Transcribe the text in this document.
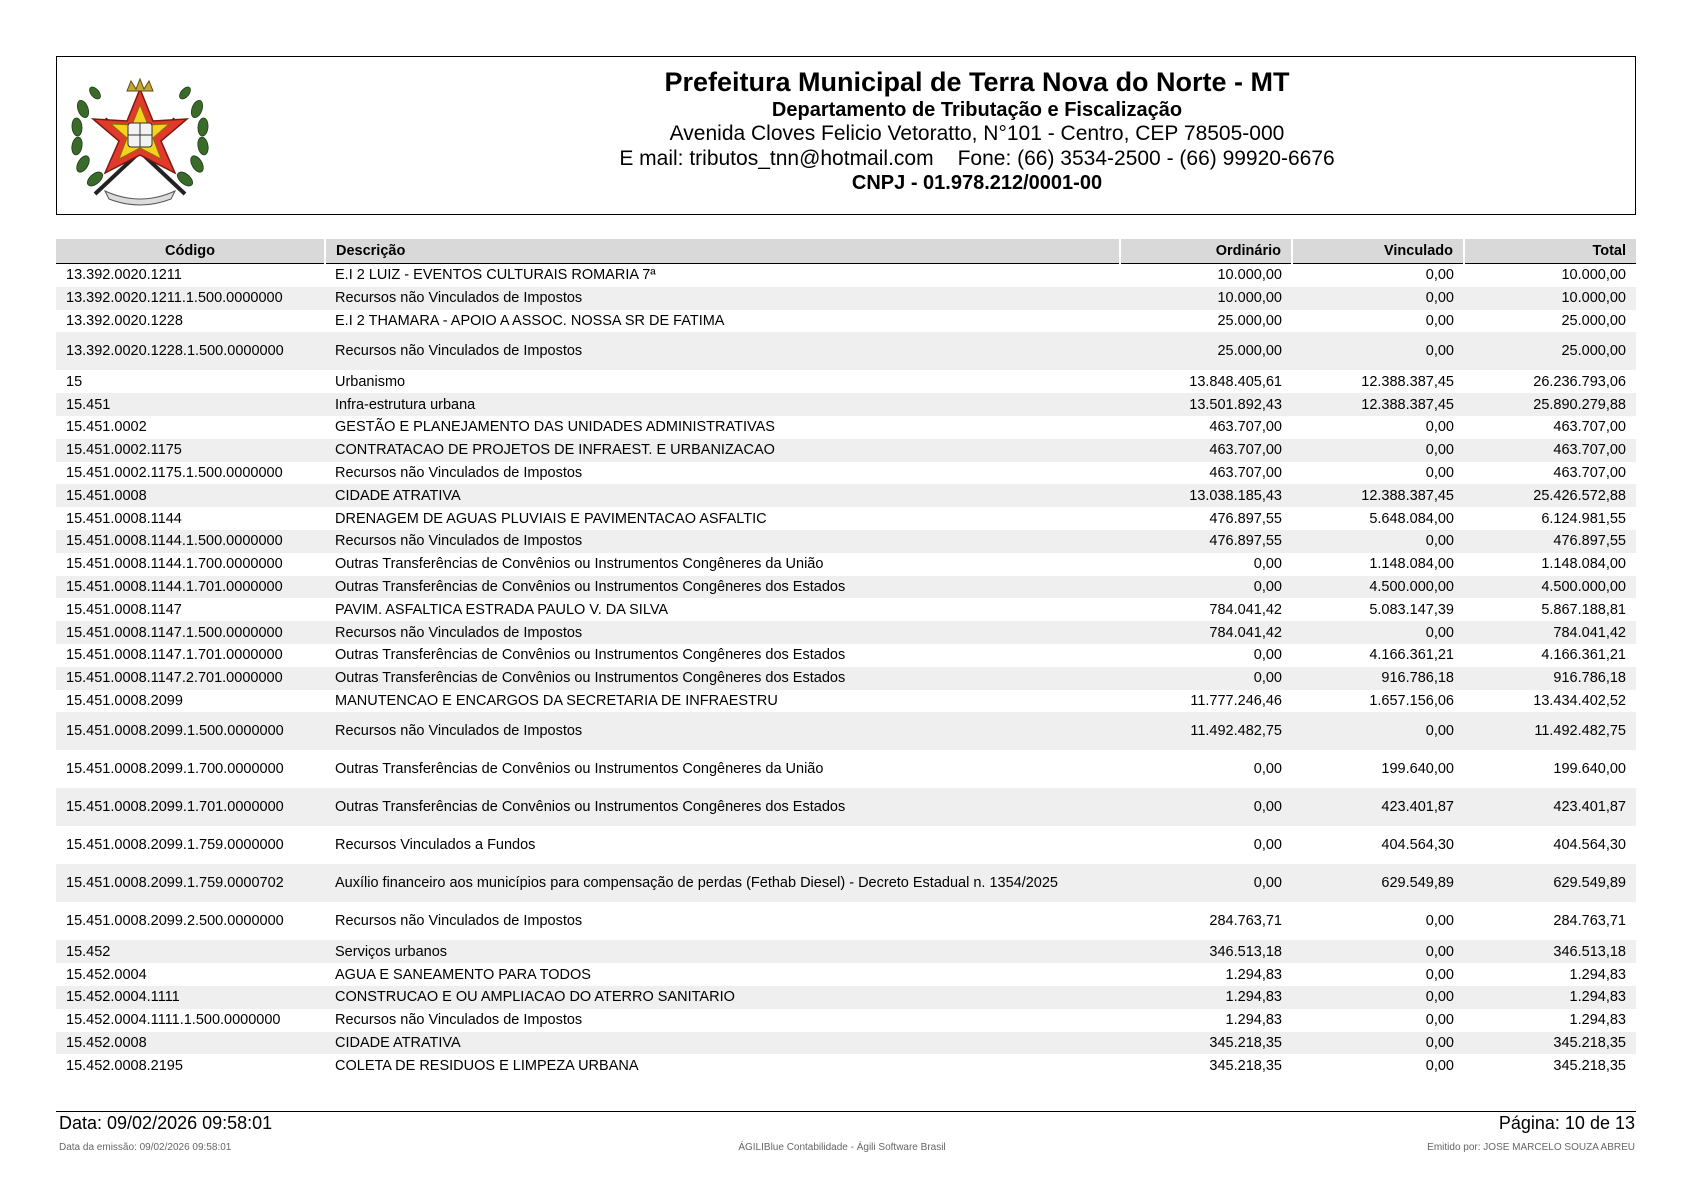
Prefeitura Municipal de Terra Nova do Norte - MT
Departamento de Tributação e Fiscalização
Avenida Cloves Felicio Vetoratto, N°101 - Centro, CEP 78505-000
E mail: tributos_tnn@hotmail.com Fone: (66) 3534-2500 - (66) 99920-6676
CNPJ - 01.978.212/0001-00
Código	Descrição	Ordinário	Vinculado	Total
13.392.0020.1211	E.I 2 LUIZ - EVENTOS CULTURAIS ROMARIA 7ª	10.000,00	0,00	10.000,00
13.392.0020.1211.1.500.0000000	Recursos não Vinculados de Impostos	10.000,00	0,00	10.000,00
13.392.0020.1228	E.I 2 THAMARA - APOIO A ASSOC. NOSSA SR DE FATIMA	25.000,00	0,00	25.000,00
13.392.0020.1228.1.500.0000000	Recursos não Vinculados de Impostos	25.000,00	0,00	25.000,00
15	Urbanismo	13.848.405,61	12.388.387,45	26.236.793,06
15.451	Infra-estrutura urbana	13.501.892,43	12.388.387,45	25.890.279,88
15.451.0002	GESTÃO E PLANEJAMENTO DAS UNIDADES ADMINISTRATIVAS	463.707,00	0,00	463.707,00
15.451.0002.1175	CONTRATACAO DE PROJETOS DE INFRAEST. E URBANIZACAO	463.707,00	0,00	463.707,00
15.451.0002.1175.1.500.0000000	Recursos não Vinculados de Impostos	463.707,00	0,00	463.707,00
15.451.0008	CIDADE ATRATIVA	13.038.185,43	12.388.387,45	25.426.572,88
15.451.0008.1144	DRENAGEM DE AGUAS PLUVIAIS E PAVIMENTACAO ASFALTIC	476.897,55	5.648.084,00	6.124.981,55
15.451.0008.1144.1.500.0000000	Recursos não Vinculados de Impostos	476.897,55	0,00	476.897,55
15.451.0008.1144.1.700.0000000	Outras Transferências de Convênios ou Instrumentos Congêneres da União	0,00	1.148.084,00	1.148.084,00
15.451.0008.1144.1.701.0000000	Outras Transferências de Convênios ou Instrumentos Congêneres dos Estados	0,00	4.500.000,00	4.500.000,00
15.451.0008.1147	PAVIM. ASFALTICA ESTRADA PAULO V. DA SILVA	784.041,42	5.083.147,39	5.867.188,81
15.451.0008.1147.1.500.0000000	Recursos não Vinculados de Impostos	784.041,42	0,00	784.041,42
15.451.0008.1147.1.701.0000000	Outras Transferências de Convênios ou Instrumentos Congêneres dos Estados	0,00	4.166.361,21	4.166.361,21
15.451.0008.1147.2.701.0000000	Outras Transferências de Convênios ou Instrumentos Congêneres dos Estados	0,00	916.786,18	916.786,18
15.451.0008.2099	MANUTENCAO E ENCARGOS DA SECRETARIA DE INFRAESTRU	11.777.246,46	1.657.156,06	13.434.402,52
15.451.0008.2099.1.500.0000000	Recursos não Vinculados de Impostos	11.492.482,75	0,00	11.492.482,75
15.451.0008.2099.1.700.0000000	Outras Transferências de Convênios ou Instrumentos Congêneres da União	0,00	199.640,00	199.640,00
15.451.0008.2099.1.701.0000000	Outras Transferências de Convênios ou Instrumentos Congêneres dos Estados	0,00	423.401,87	423.401,87
15.451.0008.2099.1.759.0000000	Recursos Vinculados a Fundos	0,00	404.564,30	404.564,30
15.451.0008.2099.1.759.0000702	Auxílio financeiro aos municípios para compensação de perdas (Fethab Diesel) - Decreto Estadual n. 1354/2025	0,00	629.549,89	629.549,89
15.451.0008.2099.2.500.0000000	Recursos não Vinculados de Impostos	284.763,71	0,00	284.763,71
15.452	Serviços urbanos	346.513,18	0,00	346.513,18
15.452.0004	AGUA E SANEAMENTO PARA TODOS	1.294,83	0,00	1.294,83
15.452.0004.1111	CONSTRUCAO E OU AMPLIACAO DO ATERRO SANITARIO	1.294,83	0,00	1.294,83
15.452.0004.1111.1.500.0000000	Recursos não Vinculados de Impostos	1.294,83	0,00	1.294,83
15.452.0008	CIDADE ATRATIVA	345.218,35	0,00	345.218,35
15.452.0008.2195	COLETA DE RESIDUOS E LIMPEZA URBANA	345.218,35	0,00	345.218,35
Data: 09/02/2026 09:58:01	Página: 10 de 13
Data da emissão: 09/02/2026 09:58:01	ÁGILIBlue Contabilidade - Ágili Software Brasil	Emitido por: JOSE MARCELO SOUZA ABREU
